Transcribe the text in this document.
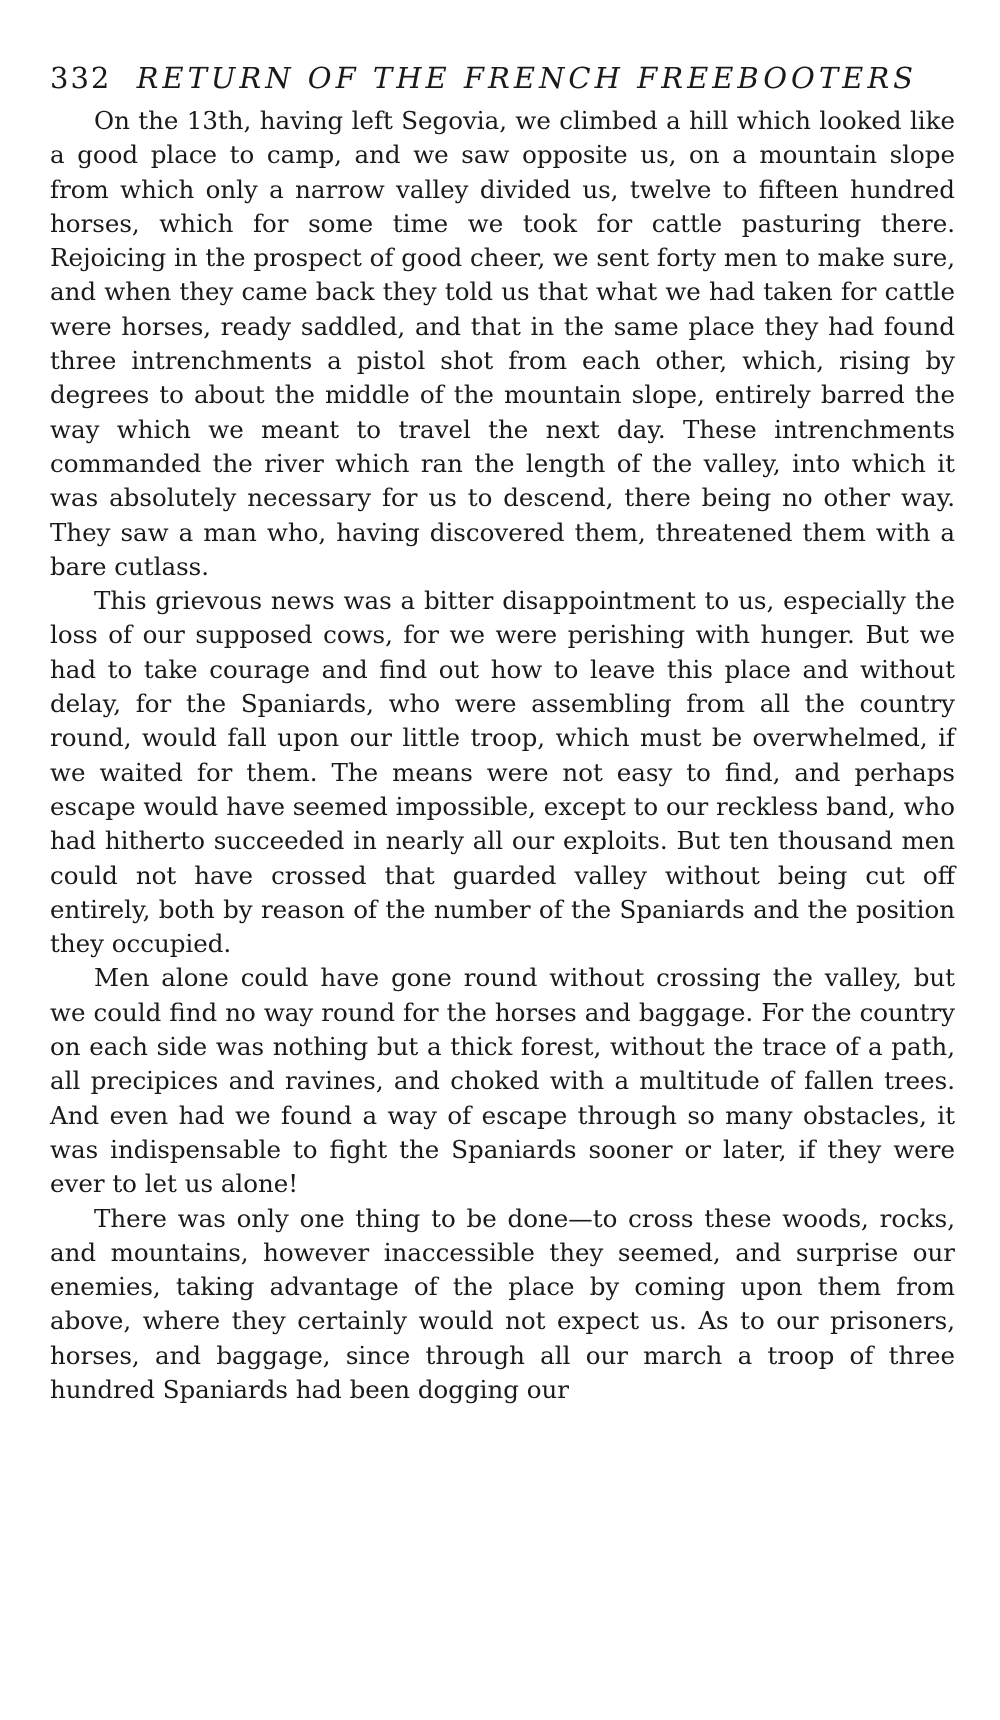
332 RETURN OF THE FRENCH FREEBOOTERS

On the 13th, having left Segovia, we climbed a hill which looked like a good place to camp, and we saw opposite us, on a mountain slope from which only a narrow valley divided us, twelve to fifteen hundred horses, which for some time we took for cattle pasturing there. Rejoicing in the prospect of good cheer, we sent forty men to make sure, and when they came back they told us that what we had taken for cattle were horses, ready saddled, and that in the same place they had found three intrenchments a pistol shot from each other, which, rising by degrees to about the middle of the mountain slope, entirely barred the way which we meant to travel the next day. These intrenchments commanded the river which ran the length of the valley, into which it was absolutely necessary for us to descend, there being no other way. They saw a man who, having discovered them, threatened them with a bare cutlass.

This grievous news was a bitter disappointment to us, especially the loss of our supposed cows, for we were perishing with hunger. But we had to take courage and find out how to leave this place and without delay, for the Spaniards, who were assembling from all the country round, would fall upon our little troop, which must be overwhelmed, if we waited for them. The means were not easy to find, and perhaps escape would have seemed impossible, except to our reckless band, who had hitherto succeeded in nearly all our exploits. But ten thousand men could not have crossed that guarded valley without being cut off entirely, both by reason of the number of the Spaniards and the position they occupied.

Men alone could have gone round without crossing the valley, but we could find no way round for the horses and baggage. For the country on each side was nothing but a thick forest, without the trace of a path, all precipices and ravines, and choked with a multitude of fallen trees. And even had we found a way of escape through so many obstacles, it was indispensable to fight the Spaniards sooner or later, if they were ever to let us alone!

There was only one thing to be done—to cross these woods, rocks, and mountains, however inaccessible they seemed, and surprise our enemies, taking advantage of the place by coming upon them from above, where they certainly would not expect us. As to our prisoners, horses, and baggage, since through all our march a troop of three hundred Spaniards had been dogging our
